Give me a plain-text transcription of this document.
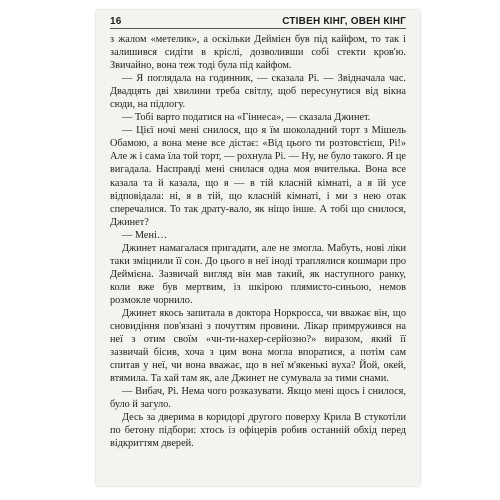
16	СТІВЕН КІНГ, ОВЕН КІНГ

з жалом «метелик», а оскільки Деймієн був під кайфом, то так і залишився сидіти в кріслі, дозволивши собі стекти кров'ю. Звичайно, вона теж тоді була під кайфом.

— Я поглядала на годинник, — сказала Рі. — Звідначала час. Двадцять дві хвилини треба світлу, щоб пересунутися від вікна сюди, на підлогу.

— Тобі варто податися на «Гіннеса», — сказала Джинет.

— Цієї ночі мені снилося, що я їм шоколадний торт з Мішель Обамою, а вона мене все дістає: «Від цього ти розтовстієш, Рі!» Але ж і сама їла той торт, — рохнула Рі. — Ну, не було такого. Я це вигадала. Насправді мені снилася одна моя вчителька. Вона все казала та й казала, що я — в тій класній кімнаті, а я їй усе відповідала: ні, я в тій, що класній кімнаті, і ми з нею отак сперечалися. То так драту-вало, як ніщо інше. А тобі що снилося, Джинет?

— Мені…

Джинет намагалася пригадати, але не змогла. Мабуть, нові ліки таки зміцнили її сон. До цього в неї іноді траплялися кошмари про Деймієна. Зазвичай вигляд він мав такий, як наступного ранку, коли вже був мертвим, із шкірою плямисто-синьою, немов розмокле чорнило.

Джинет якось запитала в доктора Норкросса, чи вважає він, що сновидіння пов'язані з почуттям провини. Лікар примружився на неї з отим своїм «чи-ти-нахер-серйозно?» виразом, який її зазвичай бісив, хоча з цим вона могла впоратися, а потім сам спитав у неї, чи вона вважає, що в неї м'якенькі вуха? Йой, окей, втямила. Та хай там як, але Джинет не сумувала за тими снами.

— Вибач, Рі. Нема чого розказувати. Якщо мені щось і снилося, було й загуло.

Десь за дверима в коридорі другого поверху Крила В стукотіли по бетону підбори: хтось із офіцерів робив останній обхід перед відкриттям дверей.
